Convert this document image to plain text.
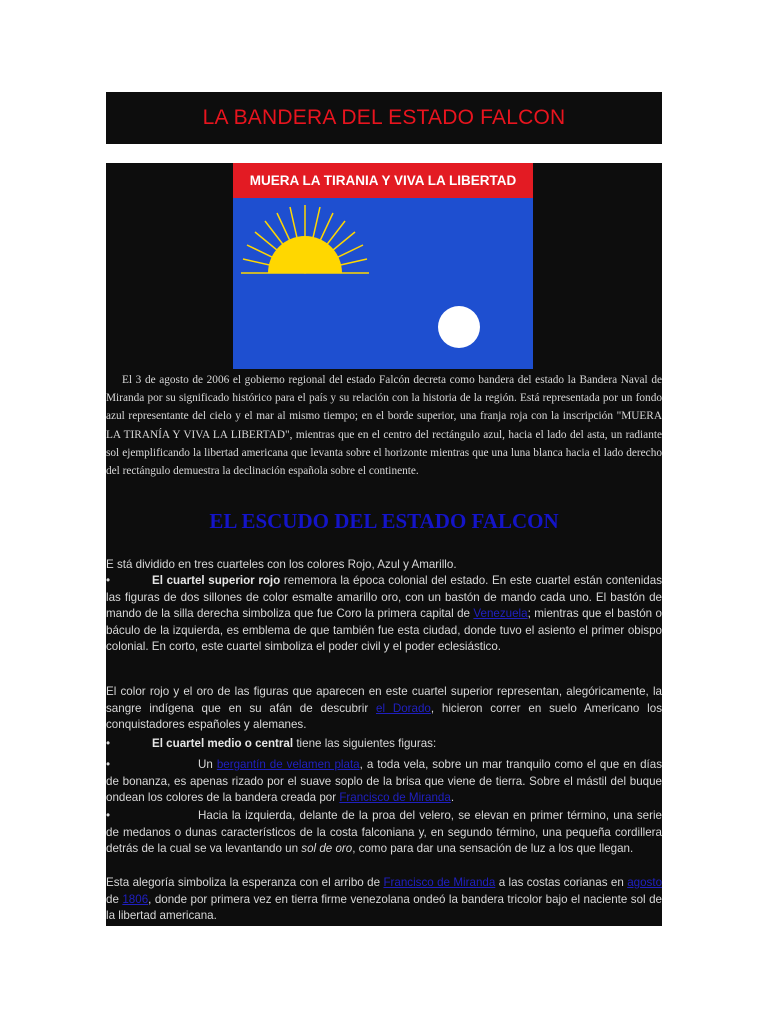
LA BANDERA DEL ESTADO FALCON
MUERA LA TIRANIA Y VIVA LA LIBERTAD

El 3 de agosto de 2006 el gobierno regional del estado Falcón decreta como bandera del estado la Bandera Naval de Miranda por su significado histórico para el país y su relación con la historia de la región. Está representada por un fondo azul representante del cielo y el mar al mismo tiempo; en el borde superior, una franja roja con la inscripción "MUERA LA TIRANÍA Y VIVA LA LIBERTAD", mientras que en el centro del rectángulo azul, hacia el lado del asta, un radiante sol ejemplificando la libertad americana que levanta sobre el horizonte mientras que una luna blanca hacia el lado derecho del rectángulo demuestra la declinación española sobre el continente.

EL ESCUDO DEL ESTADO FALCON

E stá dividido en tres cuarteles con los colores Rojo, Azul y Amarillo.

•	El cuartel superior rojo rememora la época colonial del estado. En este cuartel están contenidas las figuras de dos sillones de color esmalte amarillo oro, con un bastón de mando cada uno. El bastón de mando de la silla derecha simboliza que fue Coro la primera capital de Venezuela; mientras que el bastón o báculo de la izquierda, es emblema de que también fue esta ciudad, donde tuvo el asiento el primer obispo colonial. En corto, este cuartel simboliza el poder civil y el poder eclesiástico.

El color rojo y el oro de las figuras que aparecen en este cuartel superior representan, alegóricamente, la sangre indígena que en su afán de descubrir el Dorado, hicieron correr en suelo Americano los conquistadores españoles y alemanes.

•	El cuartel medio o central tiene las siguientes figuras:

•	Un bergantín de velamen plata, a toda vela, sobre un mar tranquilo como el que en días de bonanza, es apenas rizado por el suave soplo de la brisa que viene de tierra. Sobre el mástil del buque ondean los colores de la bandera creada por Francisco de Miranda.

•	Hacia la izquierda, delante de la proa del velero, se elevan en primer término, una serie de medanos o dunas característicos de la costa falconiana y, en segundo término, una pequeña cordillera detrás de la cual se va levantando un sol de oro, como para dar una sensación de luz a los que llegan.

Esta alegoría simboliza la esperanza con el arribo de Francisco de Miranda a las costas corianas en agosto de 1806, donde por primera vez en tierra firme venezolana ondeó la bandera tricolor bajo el naciente sol de la libertad americana.
